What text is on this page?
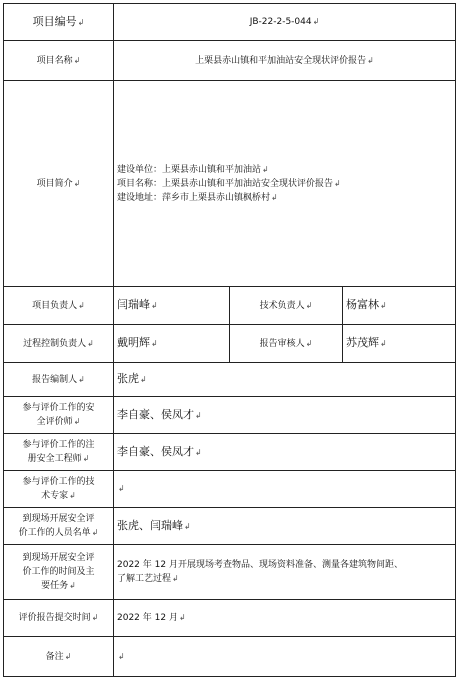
项目编号↲	JB-22-2-5-044↲		
项目名称↲	上栗县赤山镇和平加油站安全现状评价报告↲		
项目简介↲	建设单位：上栗县赤山镇和平加油站↲
项目名称：上栗县赤山镇和平加油站安全现状评价报告↲
建设地址：萍乡市上栗县赤山镇枫桥村↲		

项目负责人↲	闫瑞峰↲	技术负责人↲	杨富林↲
过程控制负责人↲	戴明辉↲	报告审核人↲	苏茂辉↲
报告编制人↲	张虎↲		

参与评价工作的安
全评价师↲	李自豪、侯凤才↲		

参与评价工作的注
册安全工程师↲	李自豪、侯凤才↲		

参与评价工作的技
术专家↲	↲		

到现场开展安全评
价工作的人员名单↲	张虎、闫瑞峰↲		

到现场开展安全评
价工作的时间及主
要任务↲	2022 年 12 月开展现场考查物品、现场资料准备、测量各建筑物间距、
了解工艺过程↲		
评价报告提交时间↲	2022 年 12 月↲		
备注↲	↲		
